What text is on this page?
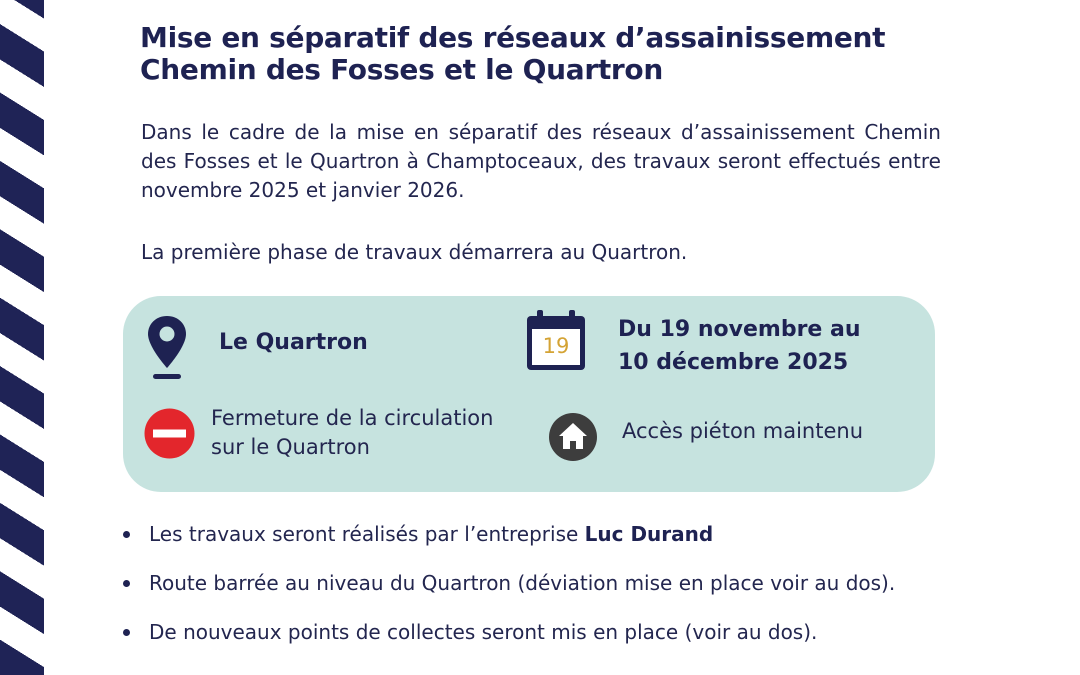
Mise en séparatif des réseaux d’assainissement
Chemin des Fosses et le Quartron
Dans le cadre de la mise en séparatif des réseaux d’assainissement Chemin des Fosses et le Quartron à Champtoceaux, des travaux seront effectués entre novembre 2025 et janvier 2026.
La première phase de travaux démarrera au Quartron.
Le Quartron	19
Du 19 novembre au
10 décembre 2025
Fermeture de la circulation
sur le Quartron
Accès piéton maintenu
Les travaux seront réalisés par l’entreprise Luc Durand
Route barrée au niveau du Quartron (déviation mise en place voir au dos).
De nouveaux points de collectes seront mis en place (voir au dos).
